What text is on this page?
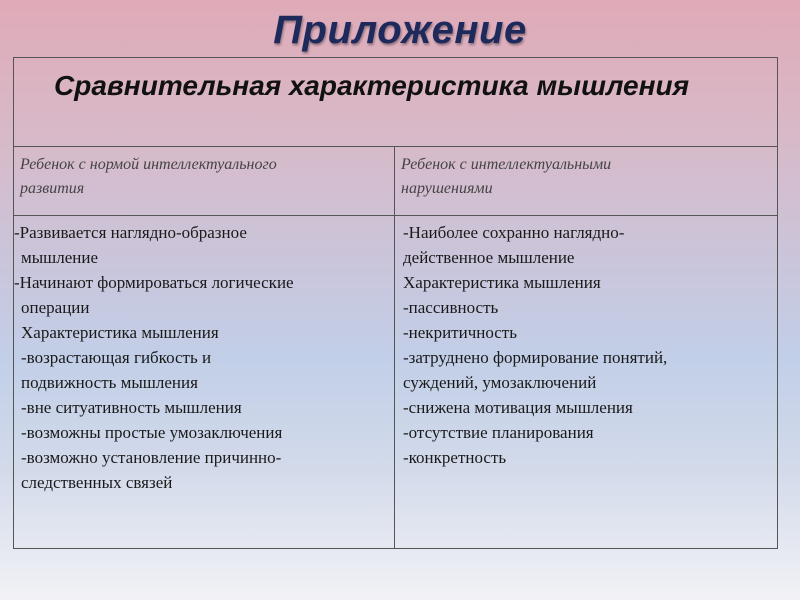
Приложение
Сравнительная характеристика мышления
Ребенок с нормой интеллектуального
развития
Ребенок с интеллектуальными
нарушениями
-Развивается наглядно-образное
мышление
-Начинают формироваться логические
операции
Характеристика мышления
-возрастающая гибкость и
подвижность мышления
-вне ситуативность мышления
-возможны простые умозаключения
-возможно установление причинно-
следственных связей
-Наиболее сохранно наглядно-
действенное мышление
Характеристика мышления
-пассивность
-некритичность
-затруднено формирование понятий,
суждений, умозаключений
-снижена мотивация мышления
-отсутствие планирования
-конкретность
